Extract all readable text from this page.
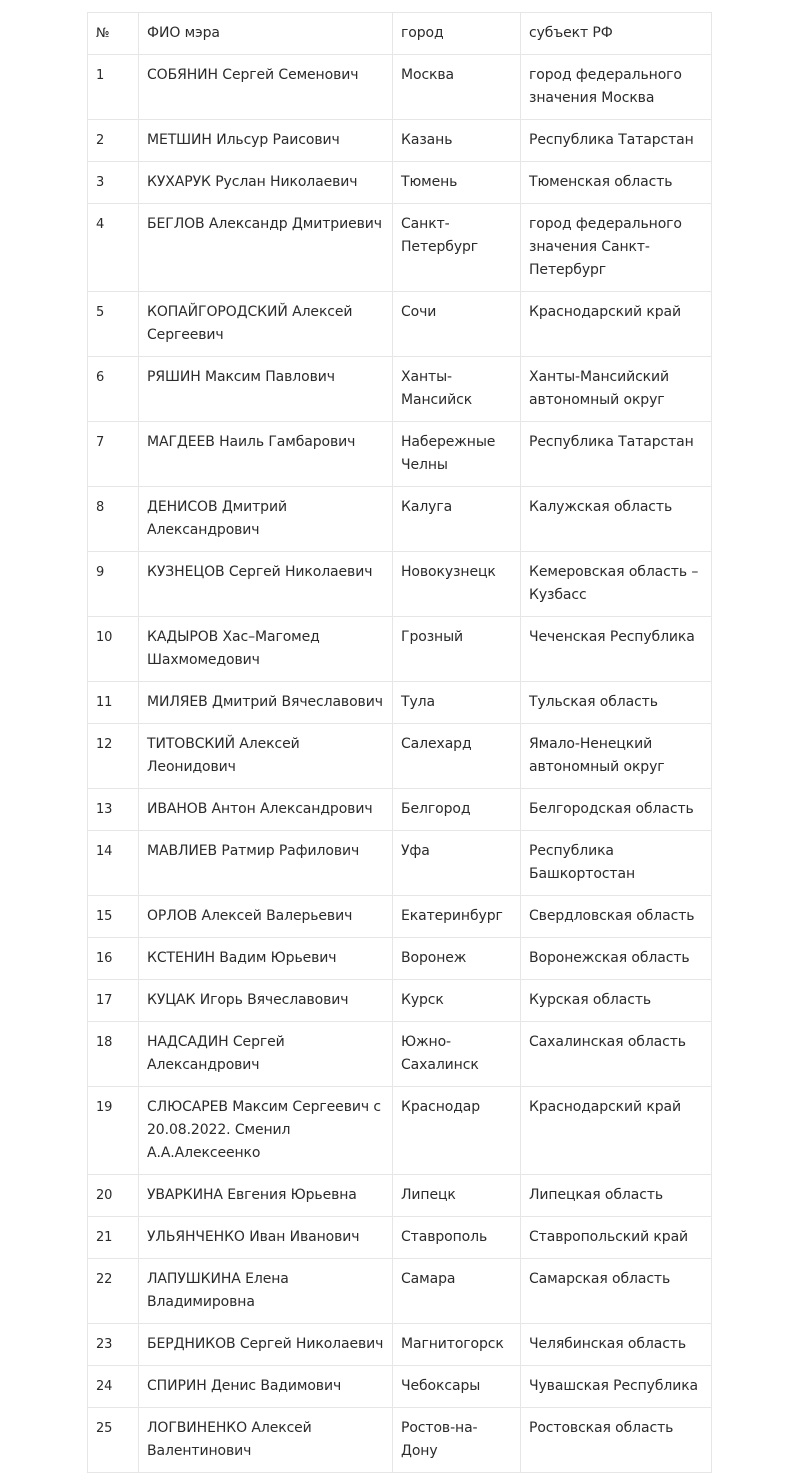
№	ФИО мэра	город	субъект РФ
1	СОБЯНИН Сергей Семенович	Москва	город федерального значения Москва
2	МЕТШИН Ильсур Раисович	Казань	Республика Татарстан
3	КУХАРУК Руслан Николаевич	Тюмень	Тюменская область
4	БЕГЛОВ Александр Дмитриевич	Санкт-Петербург	город федерального значения Санкт-Петербург
5	КОПАЙГОРОДСКИЙ Алексей Сергеевич	Сочи	Краснодарский край
6	РЯШИН Максим Павлович	Ханты-Мансийск	Ханты-Мансийский автономный округ
7	МАГДЕЕВ Наиль Гамбарович	Набережные Челны	Республика Татарстан
8	ДЕНИСОВ Дмитрий Александрович	Калуга	Калужская область
9	КУЗНЕЦОВ Сергей Николаевич	Новокузнецк	Кемеровская область – Кузбасс
10	КАДЫРОВ Хас–Магомед Шахмомедович	Грозный	Чеченская Республика
11	МИЛЯЕВ Дмитрий Вячеславович	Тула	Тульская область
12	ТИТОВСКИЙ Алексей Леонидович	Салехард	Ямало-Ненецкий автономный округ
13	ИВАНОВ Антон Александрович	Белгород	Белгородская область
14	МАВЛИЕВ Ратмир Рафилович	Уфа	Республика Башкортостан
15	ОРЛОВ Алексей Валерьевич	Екатеринбург	Свердловская область
16	КСТЕНИН Вадим Юрьевич	Воронеж	Воронежская область
17	КУЦАК Игорь Вячеславович	Курск	Курская область
18	НАДСАДИН Сергей Александрович	Южно-Сахалинск	Сахалинская область
19	СЛЮСАРЕВ Максим Сергеевич с 20.08.2022. Сменил А.А.Алексеенко	Краснодар	Краснодарский край
20	УВАРКИНА Евгения Юрьевна	Липецк	Липецкая область
21	УЛЬЯНЧЕНКО Иван Иванович	Ставрополь	Ставропольский край
22	ЛАПУШКИНА Елена Владимировна	Самара	Самарская область
23	БЕРДНИКОВ Сергей Николаевич	Магнитогорск	Челябинская область
24	СПИРИН Денис Вадимович	Чебоксары	Чувашская Республика
25	ЛОГВИНЕНКО Алексей Валентинович	Ростов-на-Дону	Ростовская область
